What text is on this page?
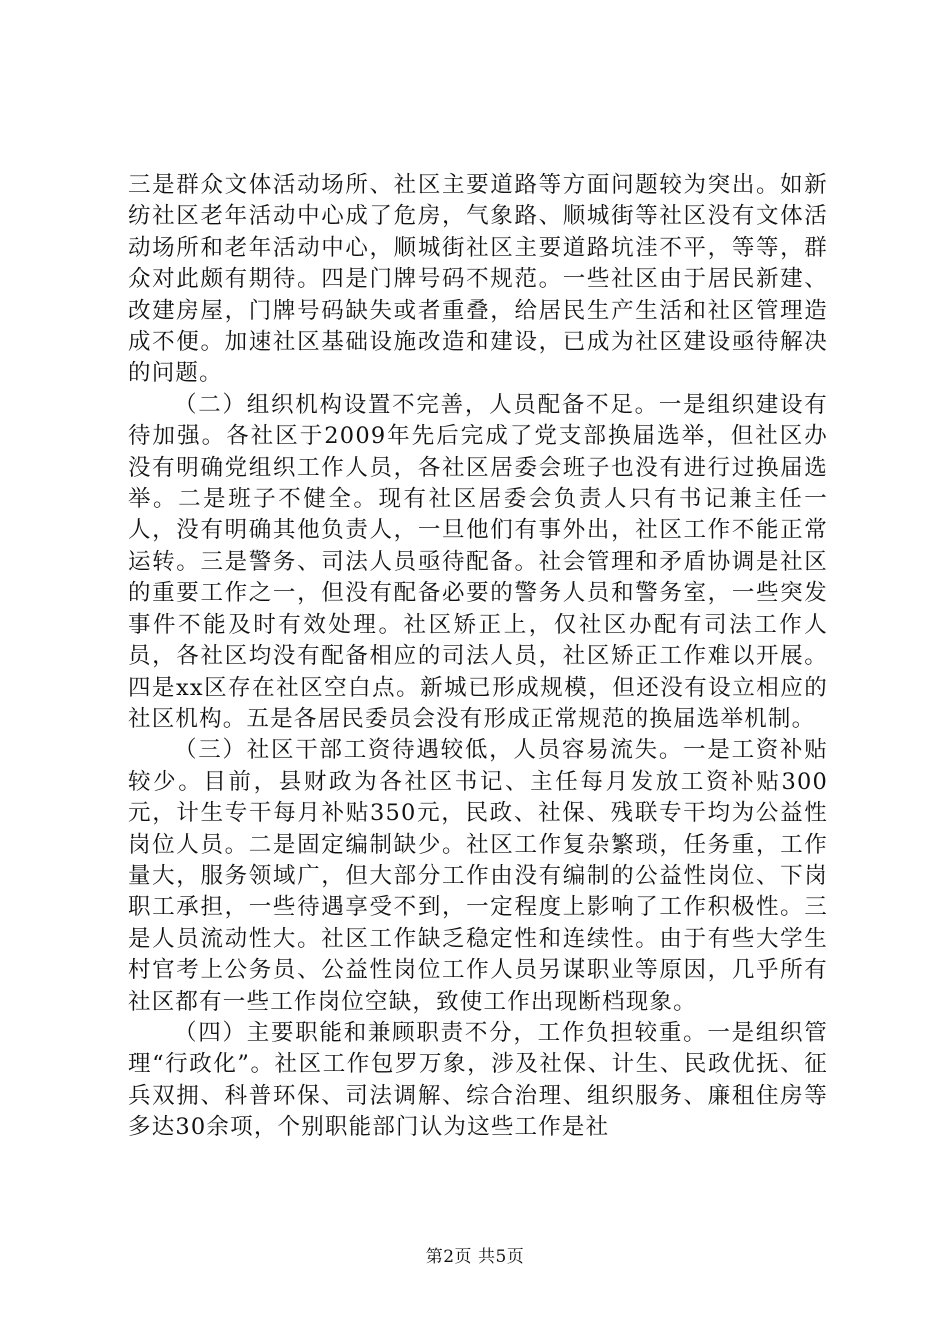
三是群众文体活动场所、社区主要道路等方面问题较为突出。如新纺社区老年活动中心成了危房，气象路、顺城街等社区没有文体活动场所和老年活动中心，顺城街社区主要道路坑洼不平，等等，群众对此颇有期待。四是门牌号码不规范。一些社区由于居民新建、改建房屋，门牌号码缺失或者重叠，给居民生产生活和社区管理造成不便。加速社区基础设施改造和建设，已成为社区建设亟待解决的问题。

（二）组织机构设置不完善，人员配备不足。一是组织建设有待加强。各社区于2009年先后完成了党支部换届选举，但社区办没有明确党组织工作人员，各社区居委会班子也没有进行过换届选举。二是班子不健全。现有社区居委会负责人只有书记兼主任一人，没有明确其他负责人，一旦他们有事外出，社区工作不能正常运转。三是警务、司法人员亟待配备。社会管理和矛盾协调是社区的重要工作之一，但没有配备必要的警务人员和警务室，一些突发事件不能及时有效处理。社区矫正上，仅社区办配有司法工作人员，各社区均没有配备相应的司法人员，社区矫正工作难以开展。四是xx区存在社区空白点。新城已形成规模，但还没有设立相应的社区机构。五是各居民委员会没有形成正常规范的换届选举机制。

（三）社区干部工资待遇较低，人员容易流失。一是工资补贴较少。目前，县财政为各社区书记、主任每月发放工资补贴300元，计生专干每月补贴350元，民政、社保、残联专干均为公益性岗位人员。二是固定编制缺少。社区工作复杂繁琐，任务重，工作量大，服务领域广，但大部分工作由没有编制的公益性岗位、下岗职工承担，一些待遇享受不到，一定程度上影响了工作积极性。三是人员流动性大。社区工作缺乏稳定性和连续性。由于有些大学生村官考上公务员、公益性岗位工作人员另谋职业等原因，几乎所有社区都有一些工作岗位空缺，致使工作出现断档现象。

（四）主要职能和兼顾职责不分，工作负担较重。一是组织管理“行政化”。社区工作包罗万象，涉及社保、计生、民政优抚、征兵双拥、科普环保、司法调解、综合治理、组织服务、廉租住房等多达30余项，个别职能部门认为这些工作是社

第2页 共5页
